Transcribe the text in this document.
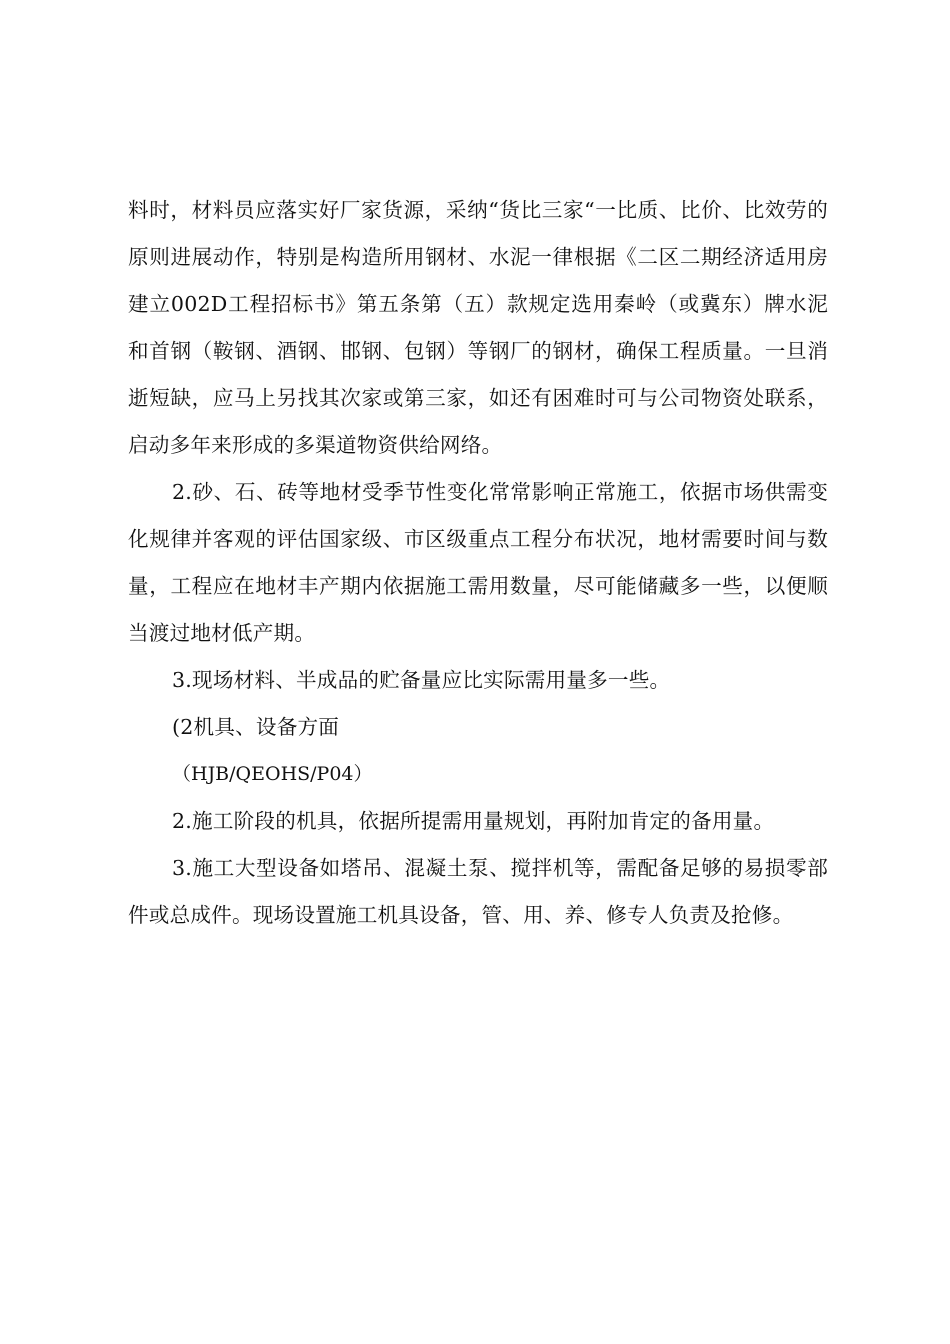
料时，材料员应落实好厂家货源，采纳“货比三家“一比质、比价、比效劳的原则进展动作，特别是构造所用钢材、水泥一律根据《二区二期经济适用房建立002D工程招标书》第五条第（五）款规定选用秦岭（或冀东）牌水泥和首钢（鞍钢、酒钢、邯钢、包钢）等钢厂的钢材，确保工程质量。一旦消逝短缺，应马上另找其次家或第三家，如还有困难时可与公司物资处联系，启动多年来形成的多渠道物资供给网络。

2.砂、石、砖等地材受季节性变化常常影响正常施工，依据市场供需变化规律并客观的评估国家级、市区级重点工程分布状况，地材需要时间与数量，工程应在地材丰产期内依据施工需用数量，尽可能储藏多一些，以便顺当渡过地材低产期。

3.现场材料、半成品的贮备量应比实际需用量多一些。

(2机具、设备方面

（HJB/QEOHS/P04）

2.施工阶段的机具，依据所提需用量规划，再附加肯定的备用量。

3.施工大型设备如塔吊、混凝土泵、搅拌机等，需配备足够的易损零部件或总成件。现场设置施工机具设备，管、用、养、修专人负责及抢修。
